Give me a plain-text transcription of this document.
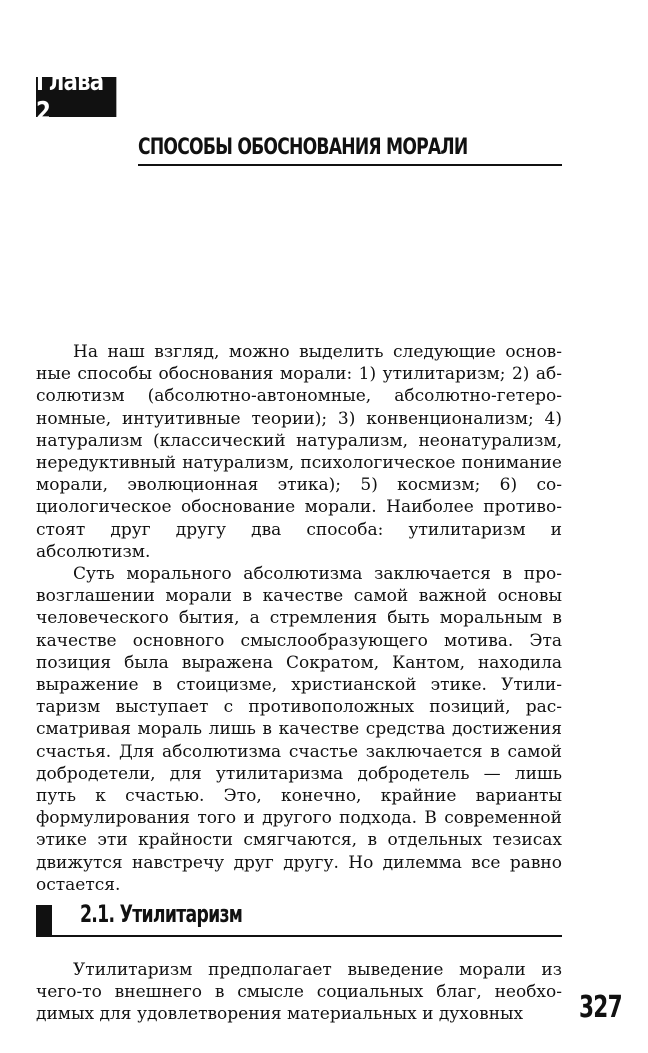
Глава 2
СПОСОБЫ ОБОСНОВАНИЯ МОРАЛИ

На наш взгляд, можно выделить следующие основные способы обоснования морали: 1) утилитаризм; 2) абсолютизм (абсолютно-автономные, абсолютно-гетерономные, интуитивные теории); 3) конвенционализм; 4) натурализм (классический натурализм, неонатурализм, нередуктивный натурализм, психологическое понимание морали, эволюционная этика); 5) космизм; 6) социологическое обоснование морали. Наиболее противостоят друг другу два способа: утилитаризм и абсолютизм.

Суть морального абсолютизма заключается в провозглашении морали в качестве самой важной основы человеческого бытия, а стремления быть моральным в качестве основного смыслообразующего мотива. Эта позиция была выражена Сократом, Кантом, находила выражение в стоицизме, христианской этике. Утилитаризм выступает с противоположных позиций, рассматривая мораль лишь в качестве средства достижения счастья. Для абсолютизма счастье заключается в самой добродетели, для утилитаризма добродетель — лишь путь к счастью. Это, конечно, крайние варианты формулирования того и другого подхода. В современной этике эти крайности смягчаются, в отдельных тезисах движутся навстречу друг другу. Но дилемма все равно остается.

2.1. Утилитаризм

Утилитаризм предполагает выведение морали из чего-то внешнего в смысле социальных благ, необходимых для удовлетворения материальных и духовных	327
